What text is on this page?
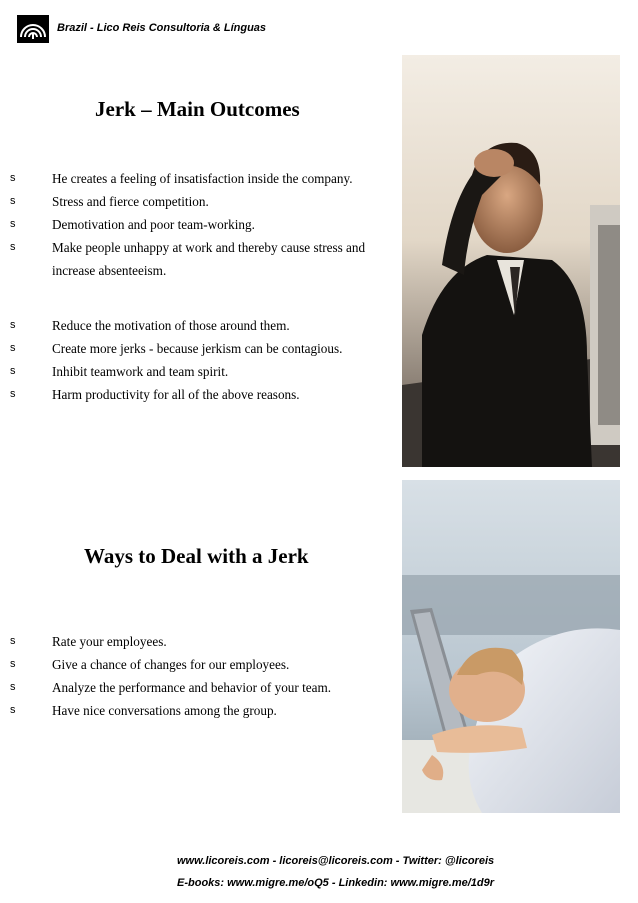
Brazil - Lico Reis Consultoria & Línguas
Jerk – Main Outcomes
s	He creates a feeling of insatisfaction inside the company.
s	Stress and fierce competition.
s	Demotivation and poor team-working.
s	Make people unhappy at work and thereby cause stress and increase absenteeism.
s	Reduce the motivation of those around them.
s	Create more jerks - because jerkism can be contagious.
s	Inhibit teamwork and team spirit.
s	Harm productivity for all of the above reasons.
Ways to Deal with a Jerk
s	Rate your employees.
s	Give a chance of changes for our employees.
s	Analyze the performance and behavior of your team.
s	Have nice conversations among the group.
www.licoreis.com - licoreis@licoreis.com - Twitter: @licoreis
E-books: www.migre.me/oQ5 - Linkedin: www.migre.me/1d9r
